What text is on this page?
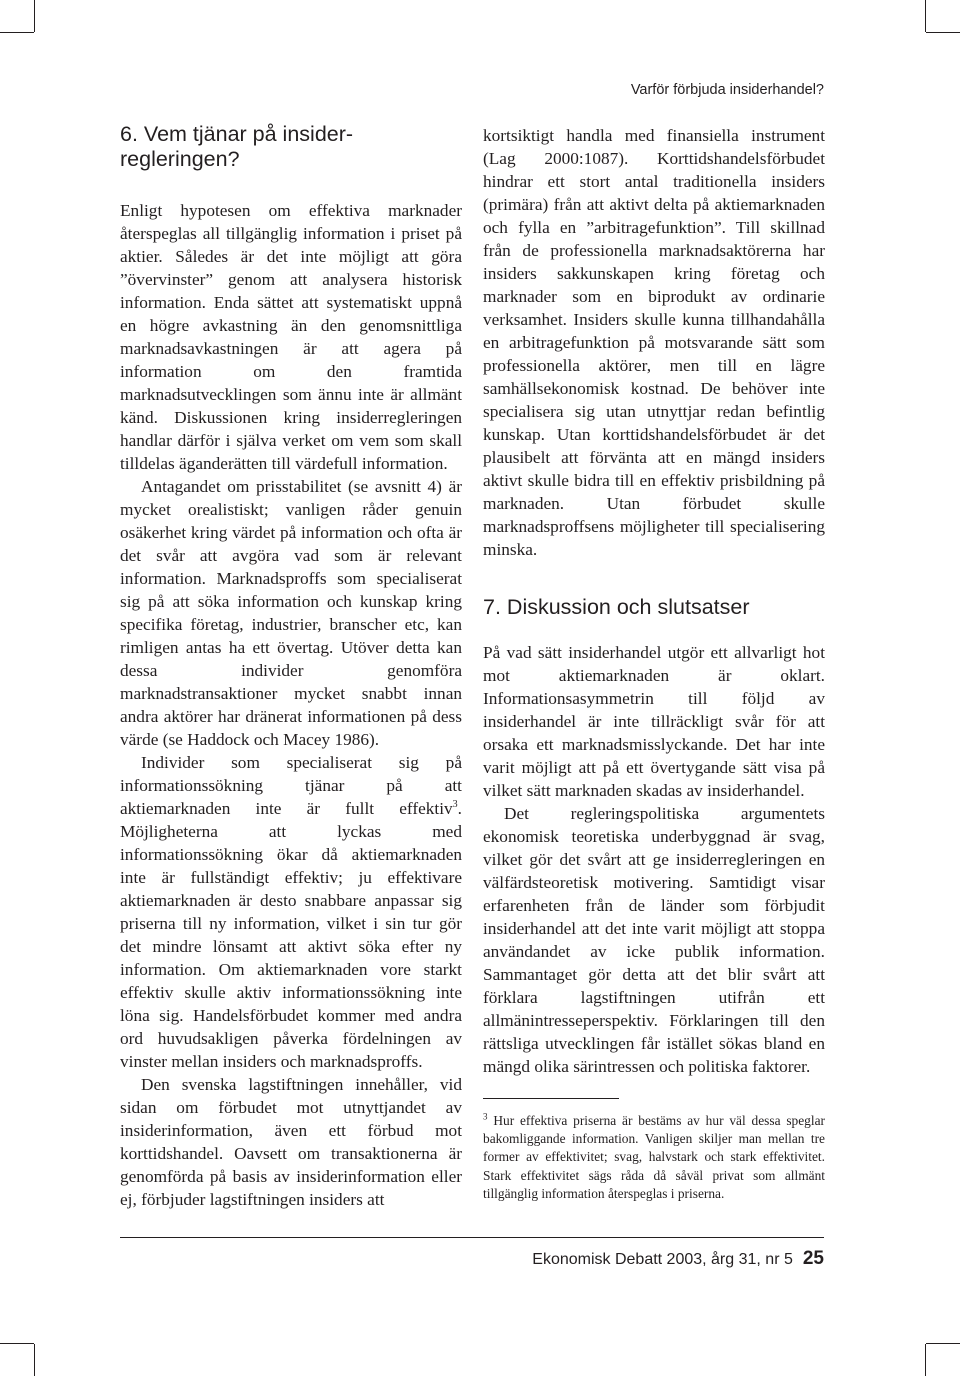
Varför förbjuda insiderhandel?
6. Vem tjänar på insider-regleringen?

Enligt hypotesen om effektiva marknader återspeglas all tillgänglig information i priset på aktier. Således är det inte möjligt att göra ”övervinster” genom att analysera historisk information. Enda sättet att systematiskt uppnå en högre avkastning än den genomsnittliga marknadsavkastningen är att agera på information om den framtida marknadsutvecklingen som ännu inte är allmänt känd. Diskussionen kring insiderregleringen handlar därför i själva verket om vem som skall tilldelas äganderätten till värdefull information.

Antagandet om prisstabilitet (se avsnitt 4) är mycket orealistiskt; vanligen råder genuin osäkerhet kring värdet på information och ofta är det svår att avgöra vad som är relevant information. Marknadsproffs som specialiserat sig på att söka information och kunskap kring specifika företag, industrier, branscher etc, kan rimligen antas ha ett övertag. Utöver detta kan dessa individer genomföra marknadstransaktioner mycket snabbt innan andra aktörer har dränerat informationen på dess värde (se Haddock och Macey 1986).

Individer som specialiserat sig på informationssökning tjänar på att aktiemarknaden inte är fullt effektiv$^3$. Möjligheterna att lyckas med informationssökning ökar då aktiemarknaden inte är fullständigt effektiv; ju effektivare aktiemarknaden är desto snabbare anpassar sig priserna till ny information, vilket i sin tur gör det mindre lönsamt att aktivt söka efter ny information. Om aktiemarknaden vore starkt effektiv skulle aktiv informationssökning inte löna sig. Handelsförbudet kommer med andra ord huvudsakligen påverka fördelningen av vinster mellan insiders och marknadsproffs.

Den svenska lagstiftningen innehåller, vid sidan om förbudet mot utnyttjandet av insiderinformation, även ett förbud mot korttidshandel. Oavsett om transaktionerna är genomförda på basis av insiderinformation eller ej, förbjuder lagstiftningen insiders att

kortsiktigt handla med finansiella instrument (Lag 2000:1087). Korttidshandelsförbudet hindrar ett stort antal traditionella insiders (primära) från att aktivt delta på aktiemarknaden och fylla en ”arbitragefunktion”. Till skillnad från de professionella marknadsaktörerna har insiders sakkunskapen kring företag och marknader som en biprodukt av ordinarie verksamhet. Insiders skulle kunna tillhandahålla en arbitragefunktion på motsvarande sätt som professionella aktörer, men till en lägre samhällsekonomisk kostnad. De behöver inte specialisera sig utan utnyttjar redan befintlig kunskap. Utan korttidshandelsförbudet är det plausibelt att förvänta att en mängd insiders aktivt skulle bidra till en effektiv prisbildning på marknaden. Utan förbudet skulle marknadsproffsens möjligheter till specialisering minska.

7. Diskussion och slutsatser

På vad sätt insiderhandel utgör ett allvarligt hot mot aktiemarknaden är oklart. Informationsasymmetrin till följd av insiderhandel är inte tillräckligt svår för att orsaka ett marknadsmisslyckande. Det har inte varit möjligt att på ett övertygande sätt visa på vilket sätt marknaden skadas av insiderhandel.

Det regleringspolitiska argumentets ekonomisk teoretiska underbyggnad är svag, vilket gör det svårt att ge insiderregleringen en välfärdsteoretisk motivering. Samtidigt visar erfarenheten från de länder som förbjudit insiderhandel att det inte varit möjligt att stoppa användandet av icke publik information. Sammantaget gör detta att det blir svårt att förklara lagstiftningen utifrån ett allmänintresseperspektiv. Förklaringen till den rättsliga utvecklingen får istället sökas bland en mängd olika särintressen och politiska faktorer.

$^3$ Hur effektiva priserna är bestäms av hur väl dessa speglar bakomliggande information. Vanligen skiljer man mellan tre former av effektivitet; svag, halvstark och stark effektivitet. Stark effektivitet sägs råda då såväl privat som allmänt tillgänglig information återspeglas i priserna.
Ekonomisk Debatt 2003, årg 31, nr 5 25
